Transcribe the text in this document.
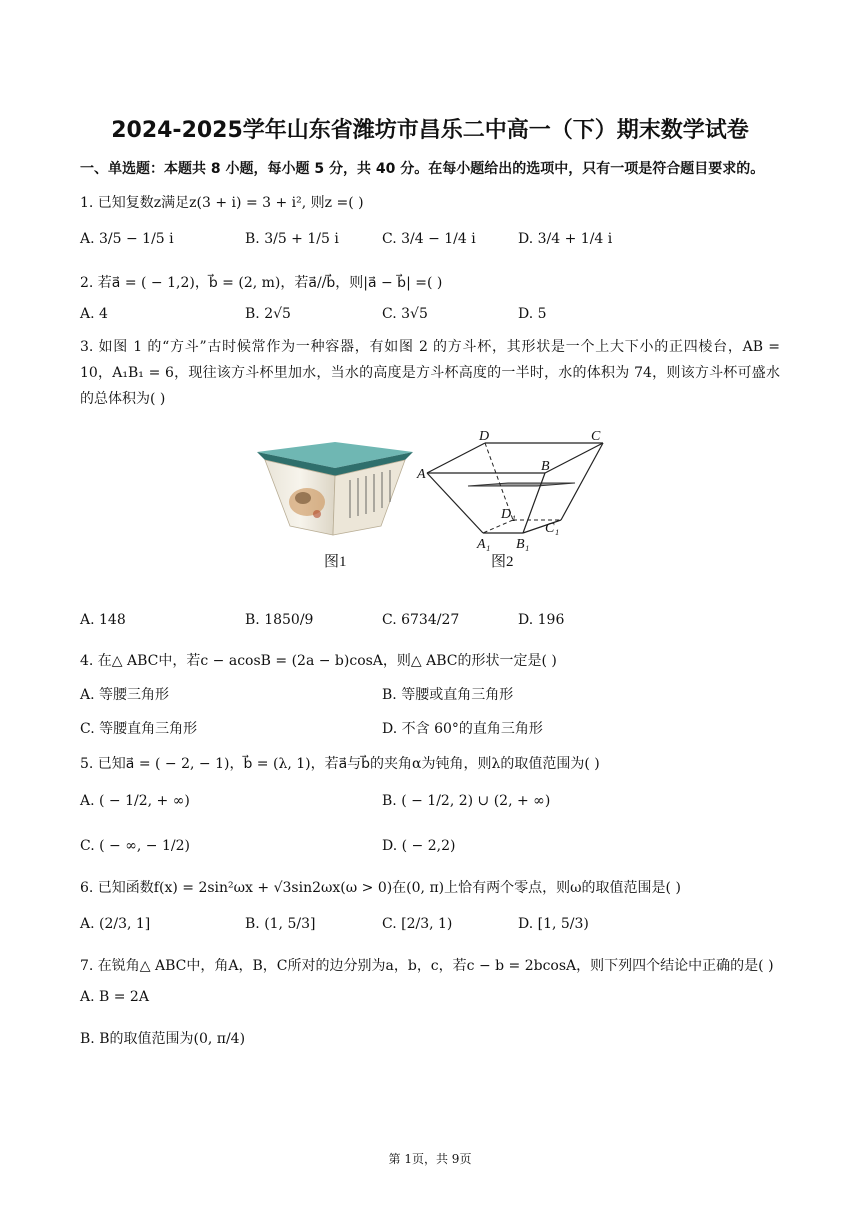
2024-2025学年山东省潍坊市昌乐二中高一（下）期末数学试卷
一、单选题：本题共 8 小题，每小题 5 分，共 40 分。在每小题给出的选项中，只有一项是符合题目要求的。
1. 已知复数z满足z(3 + i) = 3 + i², 则z =( )
A. 3/5 − 1/5 i	B. 3/5 + 1/5 i	C. 3/4 − 1/4 i	D. 3/4 + 1/4 i
2. 若a⃗ = ( − 1,2)，b⃗ = (2, m)，若a⃗//b⃗，则|a⃗ − b⃗| =( )
A. 4	B. 2√5	C. 3√5	D. 5
3. 如图 1 的“方斗”古时候常作为一种容器，有如图 2 的方斗杯，其形状是一个上大下小的正四棱台，AB = 10，A₁B₁ = 6，现往该方斗杯里加水，当水的高度是方斗杯高度的一半时，水的体积为 74，则该方斗杯可盛水的总体积为( )
图1
D	C
A
B
D₁
C₁
A₁ B₁
图2
A. 148	B. 1850/9	C. 6734/27	D. 196
4. 在△ ABC中，若c − acosB = (2a − b)cosA，则△ ABC的形状一定是( )
A. 等腰三角形	B. 等腰或直角三角形
C. 等腰直角三角形	D. 不含 60°的直角三角形
5. 已知a⃗ = ( − 2, − 1)，b⃗ = (λ, 1)，若a⃗与b⃗的夹角α为钝角，则λ的取值范围为( )
A. ( − 1/2, + ∞)	B. ( − 1/2, 2) ∪ (2, + ∞)
C. ( − ∞, − 1/2)	D. ( − 2,2)
6. 已知函数f(x) = 2sin²ωx + √3sin2ωx(ω > 0)在(0, π)上恰有两个零点，则ω的取值范围是( )
A. (2/3, 1]	B. (1, 5/3]	C. [2/3, 1)	D. [1, 5/3)
7. 在锐角△ ABC中，角A，B，C所对的边分别为a，b，c，若c − b = 2bcosA，则下列四个结论中正确的是( )
A. B = 2A
B. B的取值范围为(0, π/4)
第 1页，共 9页
